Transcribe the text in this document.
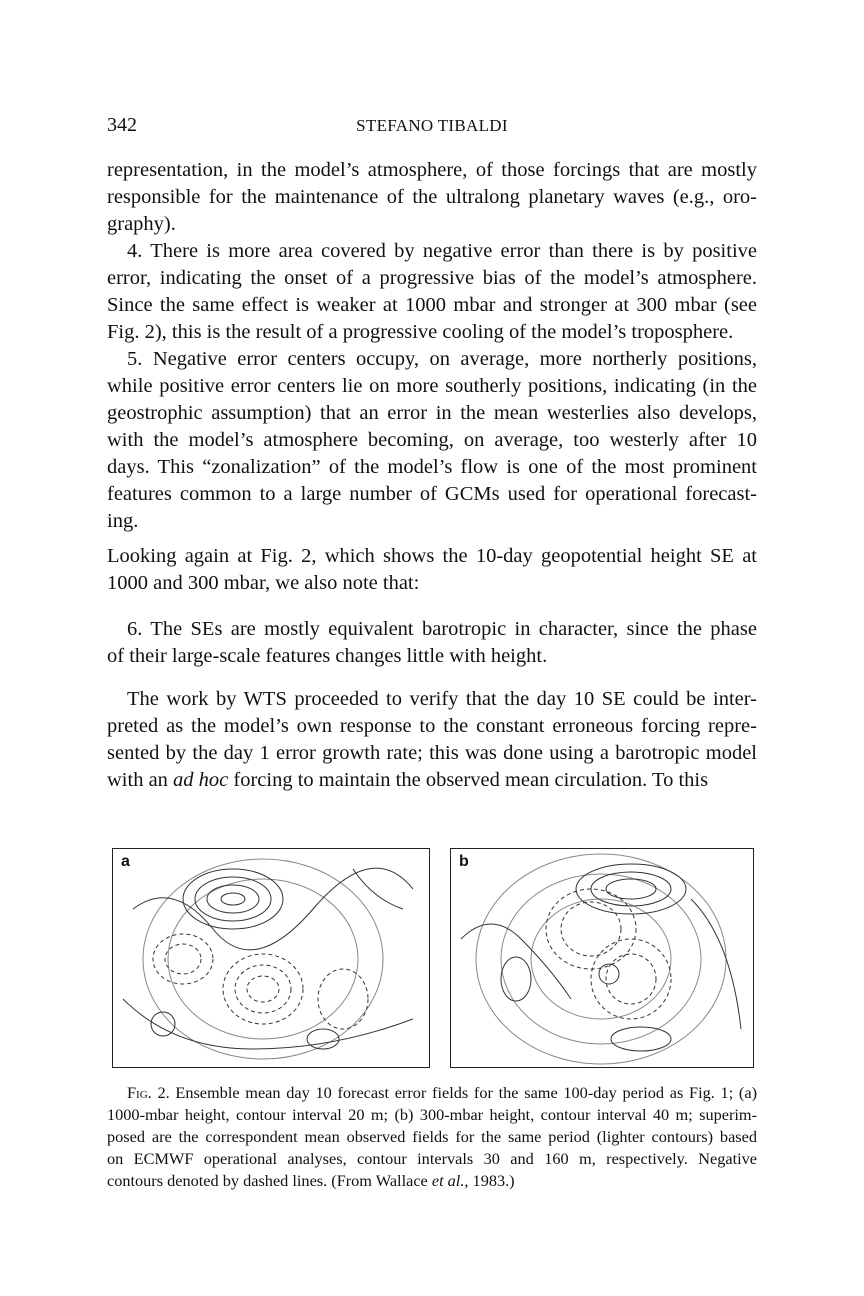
342	STEFANO TIBALDI
representation, in the model’s atmosphere, of those forcings that are mostly
responsible for the maintenance of the ultralong planetary waves (e.g., oro-
graphy).
4. There is more area covered by negative error than there is by positive
error, indicating the onset of a progressive bias of the model’s atmosphere.
Since the same effect is weaker at 1000 mbar and stronger at 300 mbar (see
Fig. 2), this is the result of a progressive cooling of the model’s troposphere.
5. Negative error centers occupy, on average, more northerly positions,
while positive error centers lie on more southerly positions, indicating (in the
geostrophic assumption) that an error in the mean westerlies also develops,
with the model’s atmosphere becoming, on average, too westerly after 10
days. This “zonalization” of the model’s flow is one of the most prominent
features common to a large number of GCMs used for operational forecast-
ing.
Looking again at Fig. 2, which shows the 10-day geopotential height SE at
1000 and 300 mbar, we also note that:
6. The SEs are mostly equivalent barotropic in character, since the phase
of their large-scale features changes little with height.
The work by WTS proceeded to verify that the day 10 SE could be inter-
preted as the model’s own response to the constant erroneous forcing repre-
sented by the day 1 error growth rate; this was done using a barotropic model
with an ad hoc forcing to maintain the observed mean circulation. To this
a	b
Fig. 2. Ensemble mean day 10 forecast error fields for the same 100-day period as Fig. 1; (a)
1000-mbar height, contour interval 20 m; (b) 300-mbar height, contour interval 40 m; superim-
posed are the correspondent mean observed fields for the same period (lighter contours) based
on ECMWF operational analyses, contour intervals 30 and 160 m, respectively. Negative
contours denoted by dashed lines. (From Wallace et al., 1983.)
